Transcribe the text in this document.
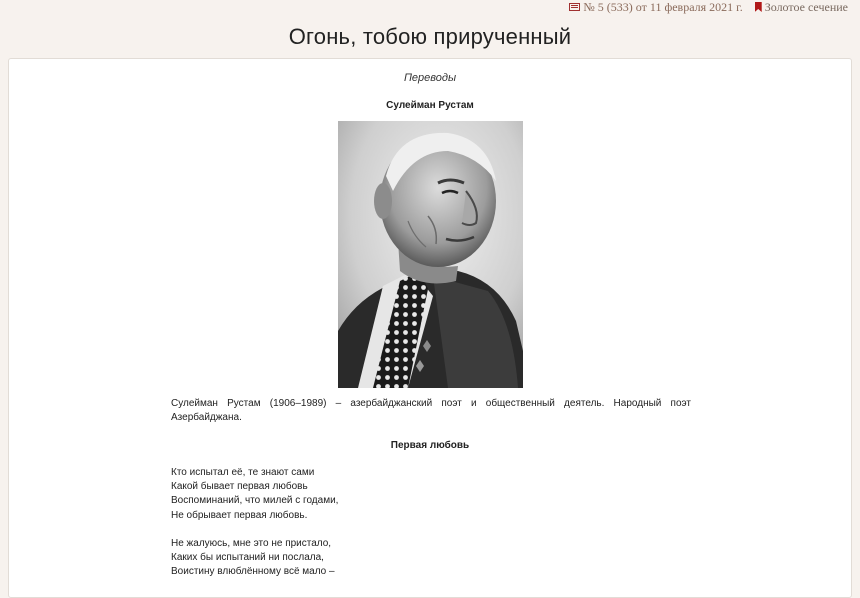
№ 5 (533) от 11 февраля 2021 г. Золотое сечение
Огонь, тобою прирученный
Переводы
Сулейман Рустам

Сулейман Рустам (1906–1989) – азербайджанский поэт и общественный деятель. Народный поэт Азербайджана.

Первая любовь
Кто испытал её, те знают сами
Какой бывает первая любовь
Воспоминаний, что милей с годами,
Не обрывает первая любовь.
Не жалуюсь, мне это не пристало,
Каких бы испытаний ни послала,
Воистину влюблённому всё мало –
